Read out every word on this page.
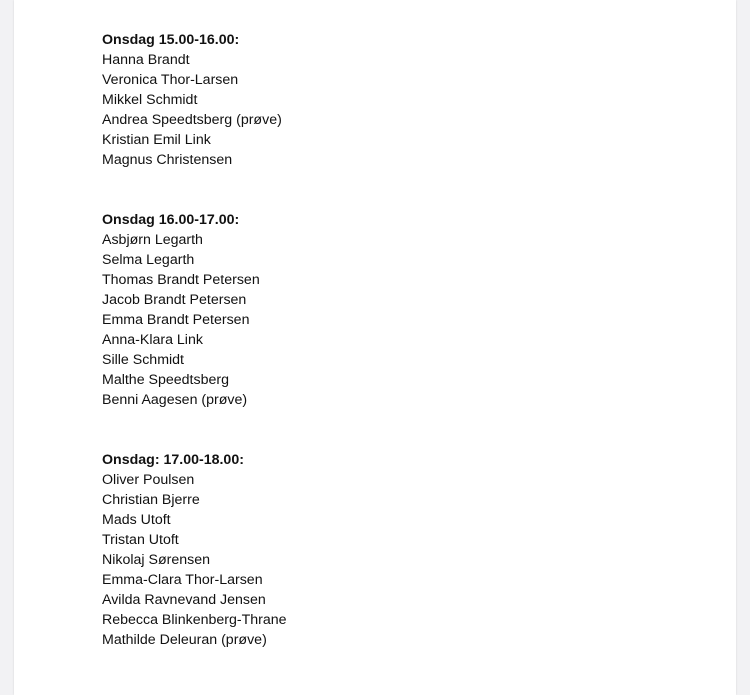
Onsdag 15.00-16.00:
Hanna Brandt
Veronica Thor-Larsen
Mikkel Schmidt
Andrea Speedtsberg (prøve)
Kristian Emil Link
Magnus Christensen
Onsdag 16.00-17.00:
Asbjørn Legarth
Selma Legarth
Thomas Brandt Petersen
Jacob Brandt Petersen
Emma Brandt Petersen
Anna-Klara Link
Sille Schmidt
Malthe Speedtsberg
Benni Aagesen (prøve)
Onsdag: 17.00-18.00:
Oliver Poulsen
Christian Bjerre
Mads Utoft
Tristan Utoft
Nikolaj Sørensen
Emma-Clara Thor-Larsen
Avilda Ravnevand Jensen
Rebecca Blinkenberg-Thrane
Mathilde Deleuran (prøve)
